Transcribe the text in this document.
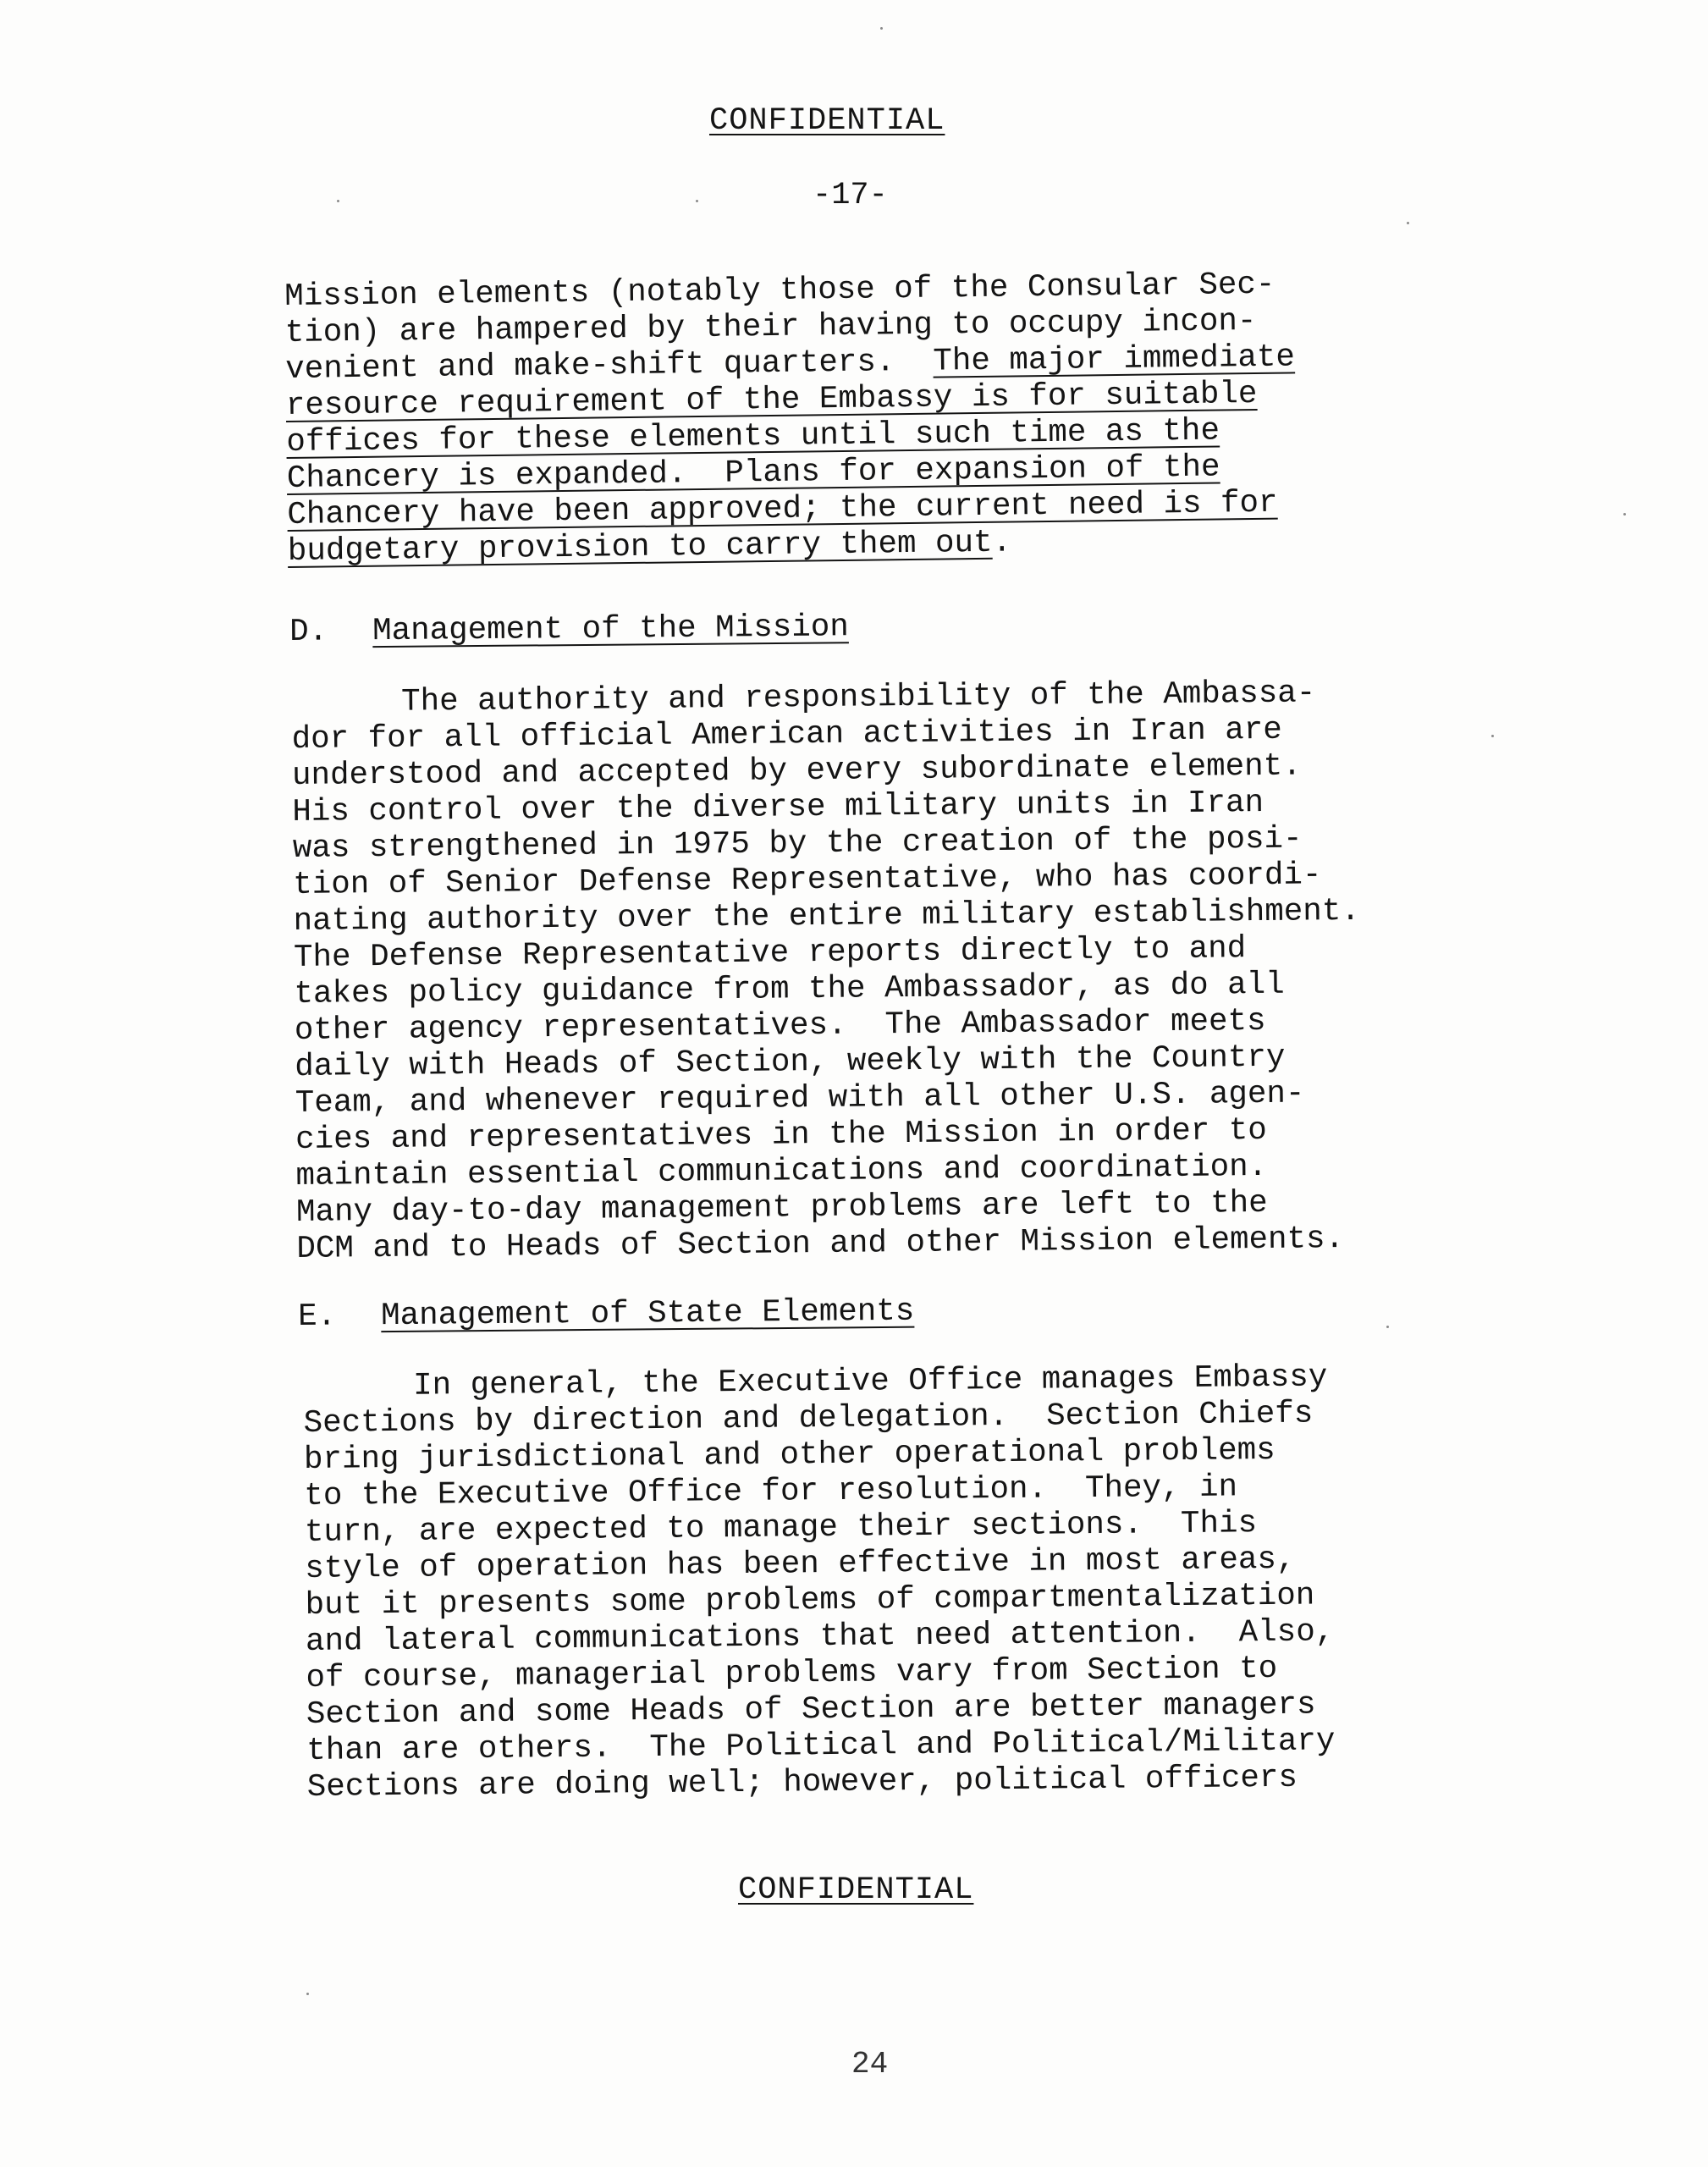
CONFIDENTIAL
-17-
Mission elements (notably those of the Consular Sec-
tion) are hampered by their having to occupy incon-
venient and make-shift quarters.  The major immediate
resource requirement of the Embassy is for suitable
offices for these elements until such time as the
Chancery is expanded.  Plans for expansion of the
Chancery have been approved; the current need is for
budgetary provision to carry them out.
D. Management of the Mission
The authority and responsibility of the Ambassa-
dor for all official American activities in Iran are
understood and accepted by every subordinate element.
His control over the diverse military units in Iran
was strengthened in 1975 by the creation of the posi-
tion of Senior Defense Representative, who has coordi-
nating authority over the entire military establishment.
The Defense Representative reports directly to and
takes policy guidance from the Ambassador, as do all
other agency representatives.  The Ambassador meets
daily with Heads of Section, weekly with the Country
Team, and whenever required with all other U.S. agen-
cies and representatives in the Mission in order to
maintain essential communications and coordination.
Many day-to-day management problems are left to the
DCM and to Heads of Section and other Mission elements.
E. Management of State Elements
In general, the Executive Office manages Embassy
Sections by direction and delegation.  Section Chiefs
bring jurisdictional and other operational problems
to the Executive Office for resolution.  They, in
turn, are expected to manage their sections.  This
style of operation has been effective in most areas,
but it presents some problems of compartmentalization
and lateral communications that need attention.  Also,
of course, managerial problems vary from Section to
Section and some Heads of Section are better managers
than are others.  The Political and Political/Military
Sections are doing well; however, political officers
CONFIDENTIAL
24
